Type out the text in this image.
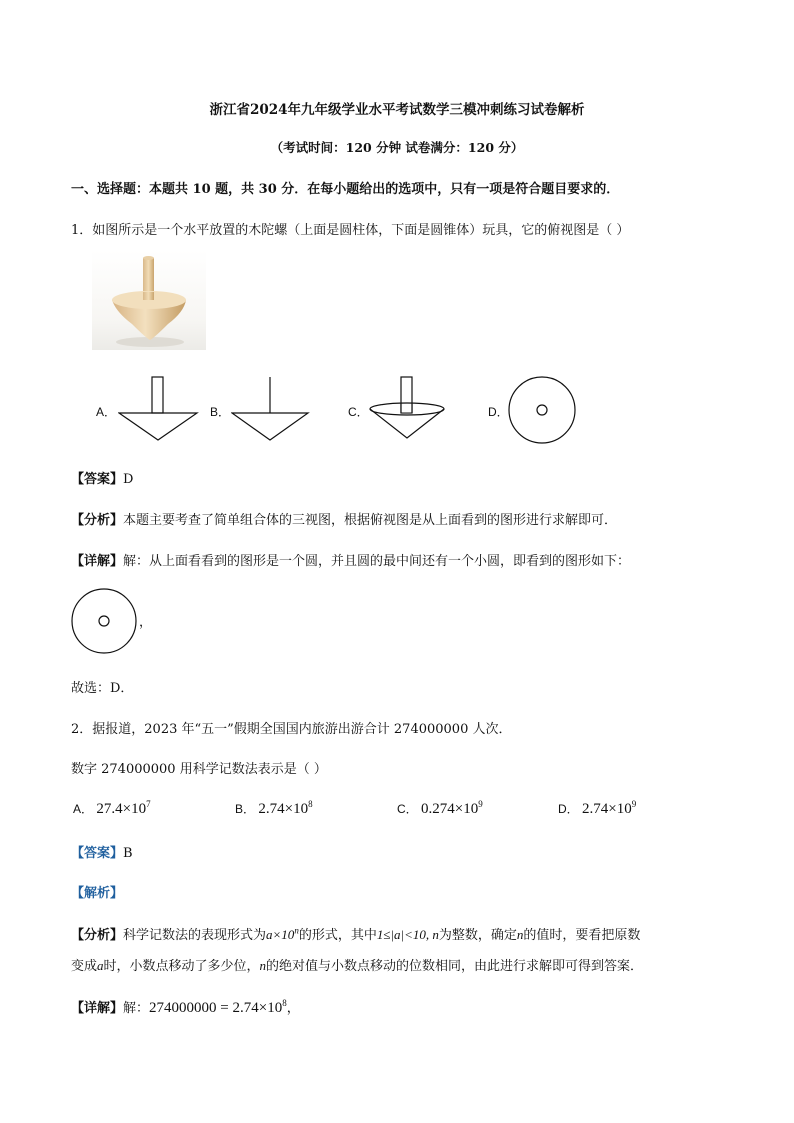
浙江省2024年九年级学业水平考试数学三模冲刺练习试卷解析
（考试时间：120 分钟 试卷满分：120 分）
一、选择题：本题共 10 题，共 30 分．在每小题给出的选项中，只有一项是符合题目要求的．
1．如图所示是一个水平放置的木陀螺（上面是圆柱体，下面是圆锥体）玩具，它的俯视图是（ ）
A．	B．	C．	D．
【答案】D
【分析】本题主要考查了简单组合体的三视图，根据俯视图是从上面看到的图形进行求解即可．
【详解】解：从上面看看到的图形是一个圆，并且圆的最中间还有一个小圆，即看到的图形如下：
，
故选：D．
2．据报道，2023 年“五一”假期全国国内旅游出游合计 274000000 人次．
数字 274000000 用科学记数法表示是（ ）
A． $27.4\times 10^7$	B． $2.74\times 10^8$	C． $0.274\times 10^9$	D． $2.74\times 10^9$
【答案】B
【解析】
【分析】科学记数法的表现形式为$a\times 10^n$的形式，其中1≤|a|<10, n为整数，确定n的值时，要看把原数
变成a时，小数点移动了多少位，n的绝对值与小数点移动的位数相同，由此进行求解即可得到答案．
【详解】解：$274000000 = 2.74\times 10^8$，
